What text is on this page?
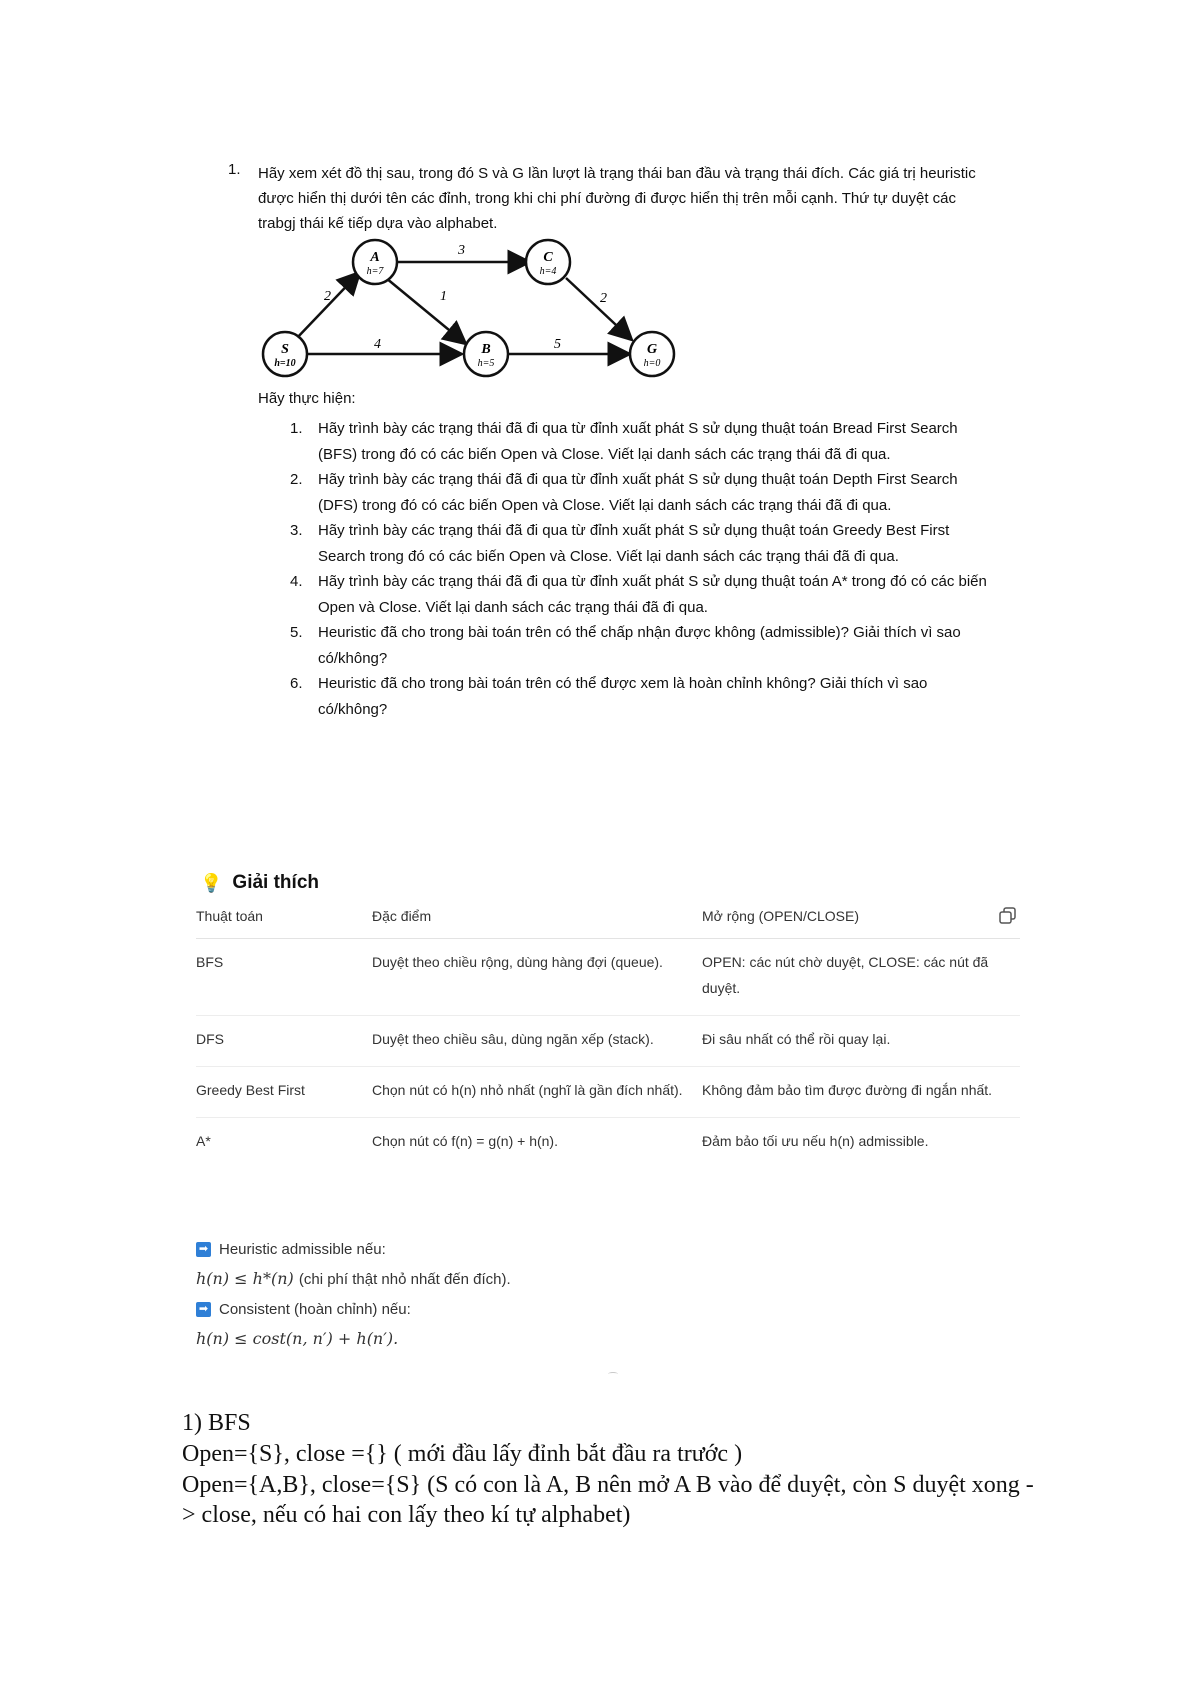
1. Hãy xem xét đồ thị sau, trong đó S và G lần lượt là trạng thái ban đầu và trạng thái đích. Các giá trị heuristic được hiển thị dưới tên các đỉnh, trong khi chi phí đường đi được hiển thị trên mỗi cạnh. Thứ tự duyệt các trabgj thái kế tiếp dựa vào alphabet.
2
3
1	2
4	5
A
h=7
C
h=4
S
h=10
B
h=5
G
h=0
Hãy thực hiện:
1. Hãy trình bày các trạng thái đã đi qua từ đỉnh xuất phát S sử dụng thuật toán Bread First Search (BFS) trong đó có các biến Open và Close. Viết lại danh sách các trạng thái đã đi qua.
2. Hãy trình bày các trạng thái đã đi qua từ đỉnh xuất phát S sử dụng thuật toán Depth First Search (DFS) trong đó có các biến Open và Close. Viết lại danh sách các trạng thái đã đi qua.
3. Hãy trình bày các trạng thái đã đi qua từ đỉnh xuất phát S sử dụng thuật toán Greedy Best First Search trong đó có các biến Open và Close. Viết lại danh sách các trạng thái đã đi qua.
4. Hãy trình bày các trạng thái đã đi qua từ đỉnh xuất phát S sử dụng thuật toán A* trong đó có các biến Open và Close. Viết lại danh sách các trạng thái đã đi qua.
5. Heuristic đã cho trong bài toán trên có thể chấp nhận được không (admissible)? Giải thích vì sao có/không?
6. Heuristic đã cho trong bài toán trên có thể được xem là hoàn chỉnh không? Giải thích vì sao có/không?
💡 Giải thích
Thuật toán	Đặc điểm	Mở rộng (OPEN/CLOSE)
BFS	Duyệt theo chiều rộng, dùng hàng đợi (queue).	OPEN: các nút chờ duyệt, CLOSE: các nút đã duyệt.
DFS	Duyệt theo chiều sâu, dùng ngăn xếp (stack).	Đi sâu nhất có thể rồi quay lại.
Greedy Best First	Chọn nút có h(n) nhỏ nhất (nghĩ là gần đích nhất).	Không đảm bảo tìm được đường đi ngắn nhất.
A*	Chọn nút có f(n) = g(n) + h(n).	Đảm bảo tối ưu nếu h(n) admissible.
➡ Heuristic admissible nếu:
h(n) ≤ h*(n) (chi phí thật nhỏ nhất đến đích).
➡ Consistent (hoàn chỉnh) nếu:
h(n) ≤ cost(n, n′) + h(n′).
1) BFS
Open={S}, close ={} ( mới đầu lấy đỉnh bắt đầu ra trước )
Open={A,B}, close={S} (S có con là A, B nên mở A B vào để duyệt, còn S duyệt xong -> close, nếu có hai con lấy theo kí tự alphabet)
